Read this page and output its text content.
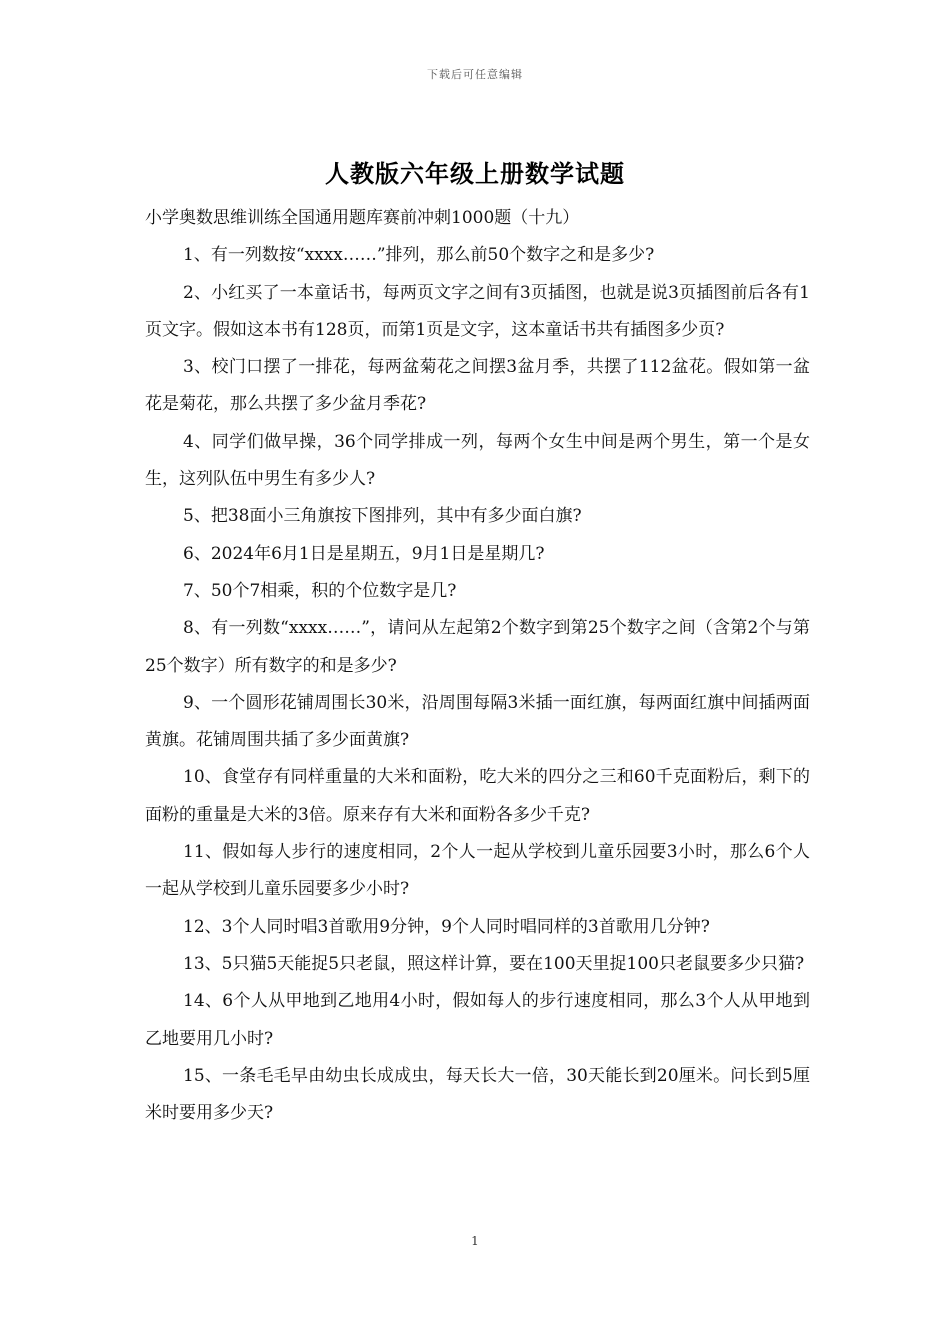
下载后可任意编辑
人教版六年级上册数学试题

小学奥数思维训练全国通用题库赛前冲刺1000题（十九）

1、有一列数按“xxxx……”排列，那么前50个数字之和是多少?

2、小红买了一本童话书，每两页文字之间有3页插图，也就是说3页插图前后各有1页文字。假如这本书有128页，而第1页是文字，这本童话书共有插图多少页?

3、校门口摆了一排花，每两盆菊花之间摆3盆月季，共摆了112盆花。假如第一盆花是菊花，那么共摆了多少盆月季花?

4、同学们做早操，36个同学排成一列，每两个女生中间是两个男生，第一个是女生，这列队伍中男生有多少人?

5、把38面小三角旗按下图排列，其中有多少面白旗?

6、2024年6月1日是星期五，9月1日是星期几?

7、50个7相乘，积的个位数字是几?

8、有一列数“xxxx……”，请问从左起第2个数字到第25个数字之间（含第2个与第25个数字）所有数字的和是多少?

9、一个圆形花铺周围长30米，沿周围每隔3米插一面红旗，每两面红旗中间插两面黄旗。花铺周围共插了多少面黄旗?

10、食堂存有同样重量的大米和面粉，吃大米的四分之三和60千克面粉后，剩下的面粉的重量是大米的3倍。原来存有大米和面粉各多少千克?

11、假如每人步行的速度相同，2个人一起从学校到儿童乐园要3小时，那么6个人一起从学校到儿童乐园要多少小时?

12、3个人同时唱3首歌用9分钟，9个人同时唱同样的3首歌用几分钟?

13、5只猫5天能捉5只老鼠，照这样计算，要在100天里捉100只老鼠要多少只猫?

14、6个人从甲地到乙地用4小时，假如每人的步行速度相同，那么3个人从甲地到乙地要用几小时?

15、一条毛毛早由幼虫长成成虫，每天长大一倍，30天能长到20厘米。问长到5厘米时要用多少天?

1
